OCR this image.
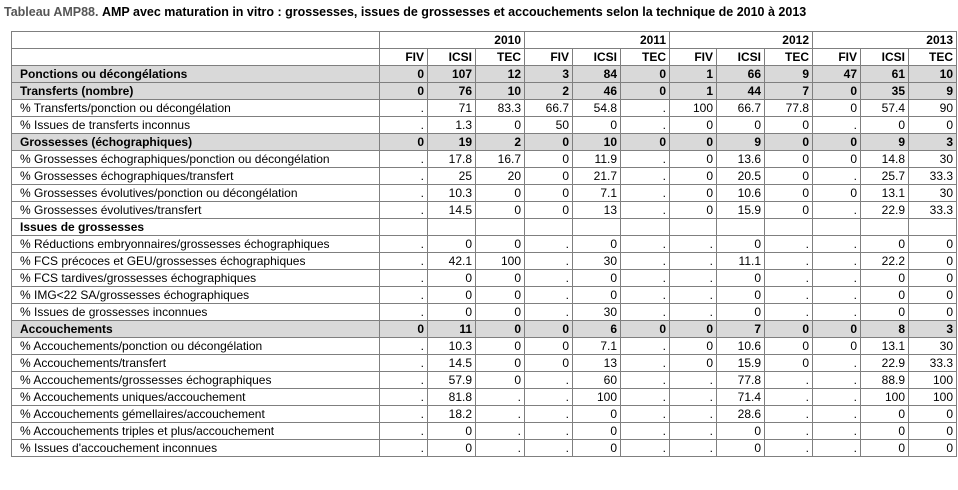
Tableau AMP88. AMP avec maturation in vitro : grossesses, issues de grossesses et accouchements selon la technique de 2010 à 2013
	2010			2011			2012			2013		
	FIV	ICSI	TEC	FIV	ICSI	TEC	FIV	ICSI	TEC	FIV	ICSI	TEC
Ponctions ou décongélations	0	107	12	3	84	0	1	66	9	47	61	10
Transferts (nombre)	0	76	10	2	46	0	1	44	7	0	35	9
% Transferts/ponction ou décongélation	.	71	83.3	66.7	54.8	.	100	66.7	77.8	0	57.4	90
% Issues de transferts inconnus	.	1.3	0	50	0	.	0	0	0	.	0	0
Grossesses (échographiques)	0	19	2	0	10	0	0	9	0	0	9	3
% Grossesses échographiques/ponction ou décongélation	.	17.8	16.7	0	11.9	.	0	13.6	0	0	14.8	30
% Grossesses échographiques/transfert	.	25	20	0	21.7	.	0	20.5	0	.	25.7	33.3
% Grossesses évolutives/ponction ou décongélation	.	10.3	0	0	7.1	.	0	10.6	0	0	13.1	30
% Grossesses évolutives/transfert	.	14.5	0	0	13	.	0	15.9	0	.	22.9	33.3
Issues de grossesses												
% Réductions embryonnaires/grossesses échographiques	.	0	0	.	0	.	.	0	.	.	0	0
% FCS précoces et GEU/grossesses échographiques	.	42.1	100	.	30	.	.	11.1	.	.	22.2	0
% FCS tardives/grossesses échographiques	.	0	0	.	0	.	.	0	.	.	0	0
% IMG<22 SA/grossesses échographiques	.	0	0	.	0	.	.	0	.	.	0	0
% Issues de grossesses inconnues	.	0	0	.	30	.	.	0	.	.	0	0
Accouchements	0	11	0	0	6	0	0	7	0	0	8	3
% Accouchements/ponction ou décongélation	.	10.3	0	0	7.1	.	0	10.6	0	0	13.1	30
% Accouchements/transfert	.	14.5	0	0	13	.	0	15.9	0	.	22.9	33.3
% Accouchements/grossesses échographiques	.	57.9	0	.	60	.	.	77.8	.	.	88.9	100
% Accouchements uniques/accouchement	.	81.8	.	.	100	.	.	71.4	.	.	100	100
% Accouchements gémellaires/accouchement	.	18.2	.	.	0	.	.	28.6	.	.	0	0
% Accouchements triples et plus/accouchement	.	0	.	.	0	.	.	0	.	.	0	0
% Issues d'accouchement inconnues	.	0	.	.	0	.	.	0	.	.	0	0
